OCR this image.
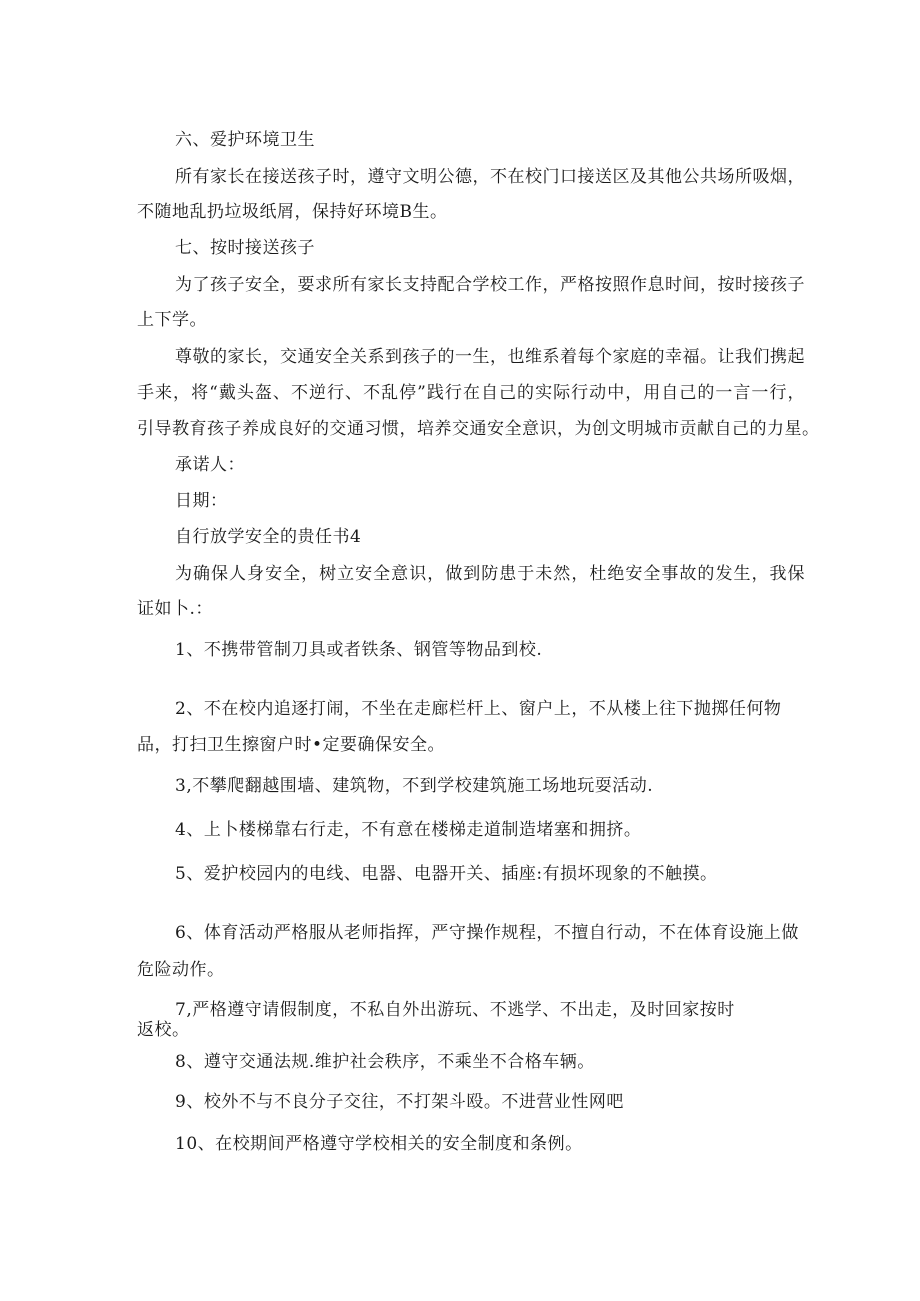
六、爱护环境卫生
所有家长在接送孩子时，遵守文明公德，不在校门口接送区及其他公共场所吸烟，
不随地乱扔垃圾纸屑，保持好环境B生。
七、按时接送孩子
为了孩子安全，要求所有家长支持配合学校工作，严格按照作息时间，按时接孩子
上下学。
尊敬的家长，交通安全关系到孩子的一生，也维系着每个家庭的幸福。让我们携起
手来，将“戴头盔、不逆行、不乱停”践行在自己的实际行动中，用自己的一言一行，
引导教育孩子养成良好的交通习惯，培养交通安全意识，为创文明城市贡献自己的力星。
承诺人：
日期：
自行放学安全的贵任书4
为确保人身安全，树立安全意识，做到防患于未然，杜绝安全事故的发生，我保
证如卜.：
1、不携带管制刀具或者铁条、钢管等物品到校.
2、不在校内追逐打闹，不坐在走廊栏杆上、窗户上，不从楼上往下抛掷任何物
品，打扫卫生擦窗户时•定要确保安全。
3,不攀爬翻越围墙、建筑物，不到学校建筑施工场地玩耍活动.
4、上卜楼梯靠右行走，不有意在楼梯走道制造堵塞和拥挤。
5、爱护校园内的电线、电器、电器开关、插座:有损坏现象的不触摸。
6、体育活动严格服从老师指挥，严守操作规程，不擅自行动，不在体育设施上做
危险动作。
7,严格遵守请假制度，不私自外出游玩、不逃学、不出走，及时回家按时
返校。
8、遵守交通法规.维护社会秩序，不乘坐不合格车辆。
9、校外不与不良分子交往，不打架斗殴。不进营业性网吧
10、在校期间严格遵守学校相关的安全制度和条例。
